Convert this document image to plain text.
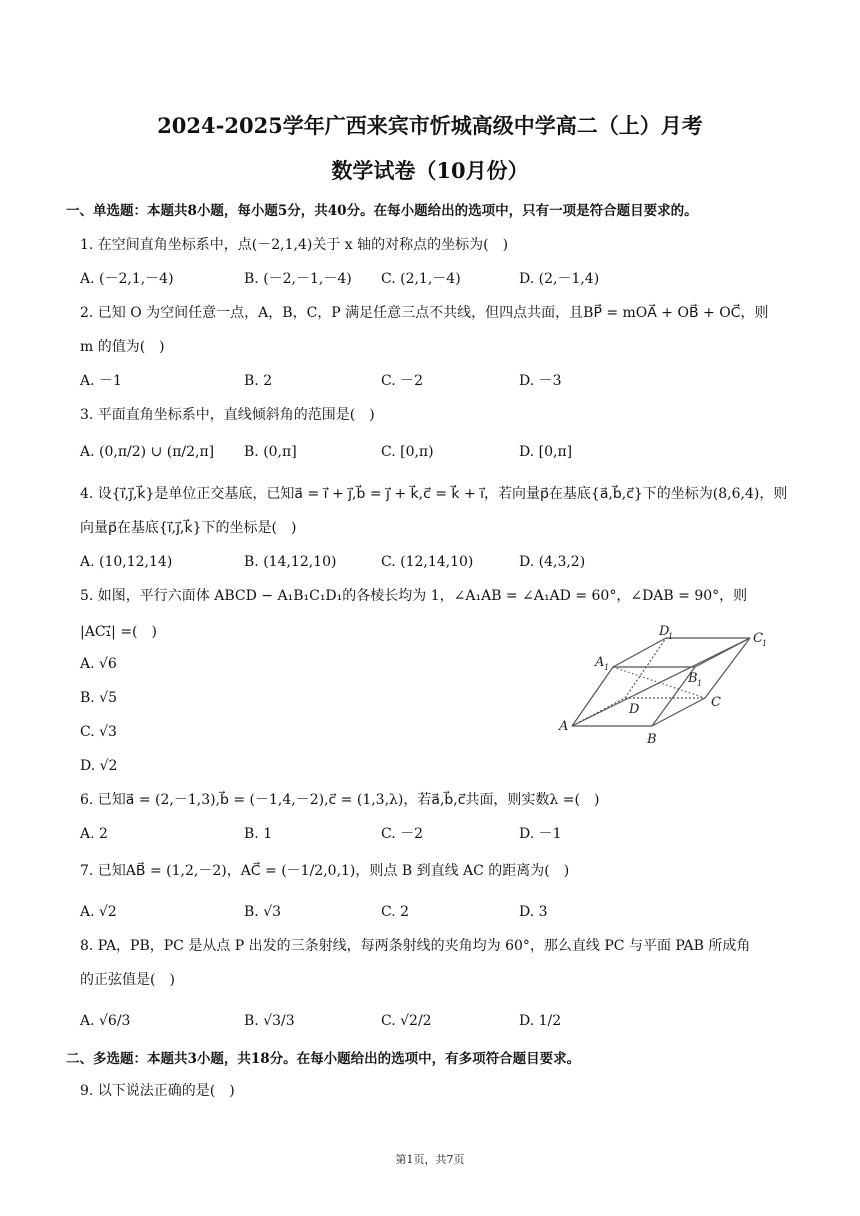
2024-2025学年广西来宾市忻城高级中学高二（上）月考
数学试卷（10月份）
一、单选题：本题共8小题，每小题5分，共40分。在每小题给出的选项中，只有一项是符合题目要求的。
1. 在空间直角坐标系中，点(－2,1,4)关于 x 轴的对称点的坐标为(　)
A. (－2,1,－4)	B. (－2,－1,－4) C. (2,1,－4)	D. (2,－1,4)
2. 已知 O 为空间任意一点，A，B，C，P 满足任意三点不共线，但四点共面，且BP⃗ = mOA⃗ + OB⃗ + OC⃗，则
m 的值为(　)
A. －1	B. 2	C. －2	D. －3
3. 平面直角坐标系中，直线倾斜角的范围是(　)
A. (0,π/2) ∪ (π/2,π] B. (0,π]	C. [0,π)	D. [0,π]
4. 设{i⃗,j⃗,k⃗}是单位正交基底，已知a⃗ = i⃗ + j⃗,b⃗ = j⃗ + k⃗,c⃗ = k⃗ + i⃗，若向量p⃗在基底{a⃗,b⃗,c⃗}下的坐标为(8,6,4)，则
向量p⃗在基底{i⃗,j⃗,k⃗}下的坐标是(　)
A. (10,12,14)	B. (14,12,10)	C. (12,14,10)	D. (4,3,2)
5. 如图，平行六面体 ABCD − A₁B₁C₁D₁的各棱长均为 1，∠A₁AB = ∠A₁AD = 60°，∠DAB = 90°，则
|AC₁⃗| =(　)
A. √6
B. √5
C. √3
D. √2
A
B
C
D
A 1
B 1
C 1
D
1
6. 已知a⃗ = (2,－1,3),b⃗ = (－1,4,－2),c⃗ = (1,3,λ)，若a⃗,b⃗,c⃗共面，则实数λ =(　)
A. 2	B. 1	C. －2	D. －1
7. 已知AB⃗ = (1,2,－2)，AC⃗ = (－1/2,0,1)，则点 B 到直线 AC 的距离为(　)
A. √2	B. √3	C. 2	D. 3
8. PA，PB，PC 是从点 P 出发的三条射线，每两条射线的夹角均为 60°，那么直线 PC 与平面 PAB 所成角
的正弦值是(　)
A. √6/3	B. √3/3	C. √2/2	D. 1/2
二、多选题：本题共3小题，共18分。在每小题给出的选项中，有多项符合题目要求。
9. 以下说法正确的是(　)
第1页，共7页
